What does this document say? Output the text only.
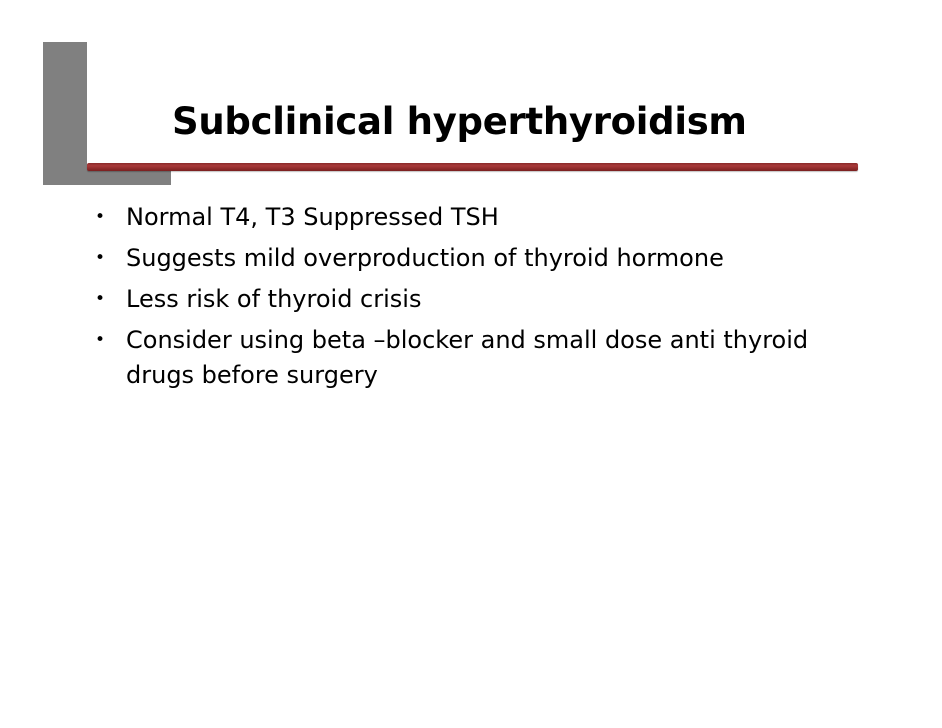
Subclinical hyperthyroidism
• Normal T4, T3 Suppressed TSH
• Suggests mild overproduction of thyroid hormone
• Less risk of thyroid crisis
• Consider using beta –blocker and small dose anti thyroid drugs before surgery
